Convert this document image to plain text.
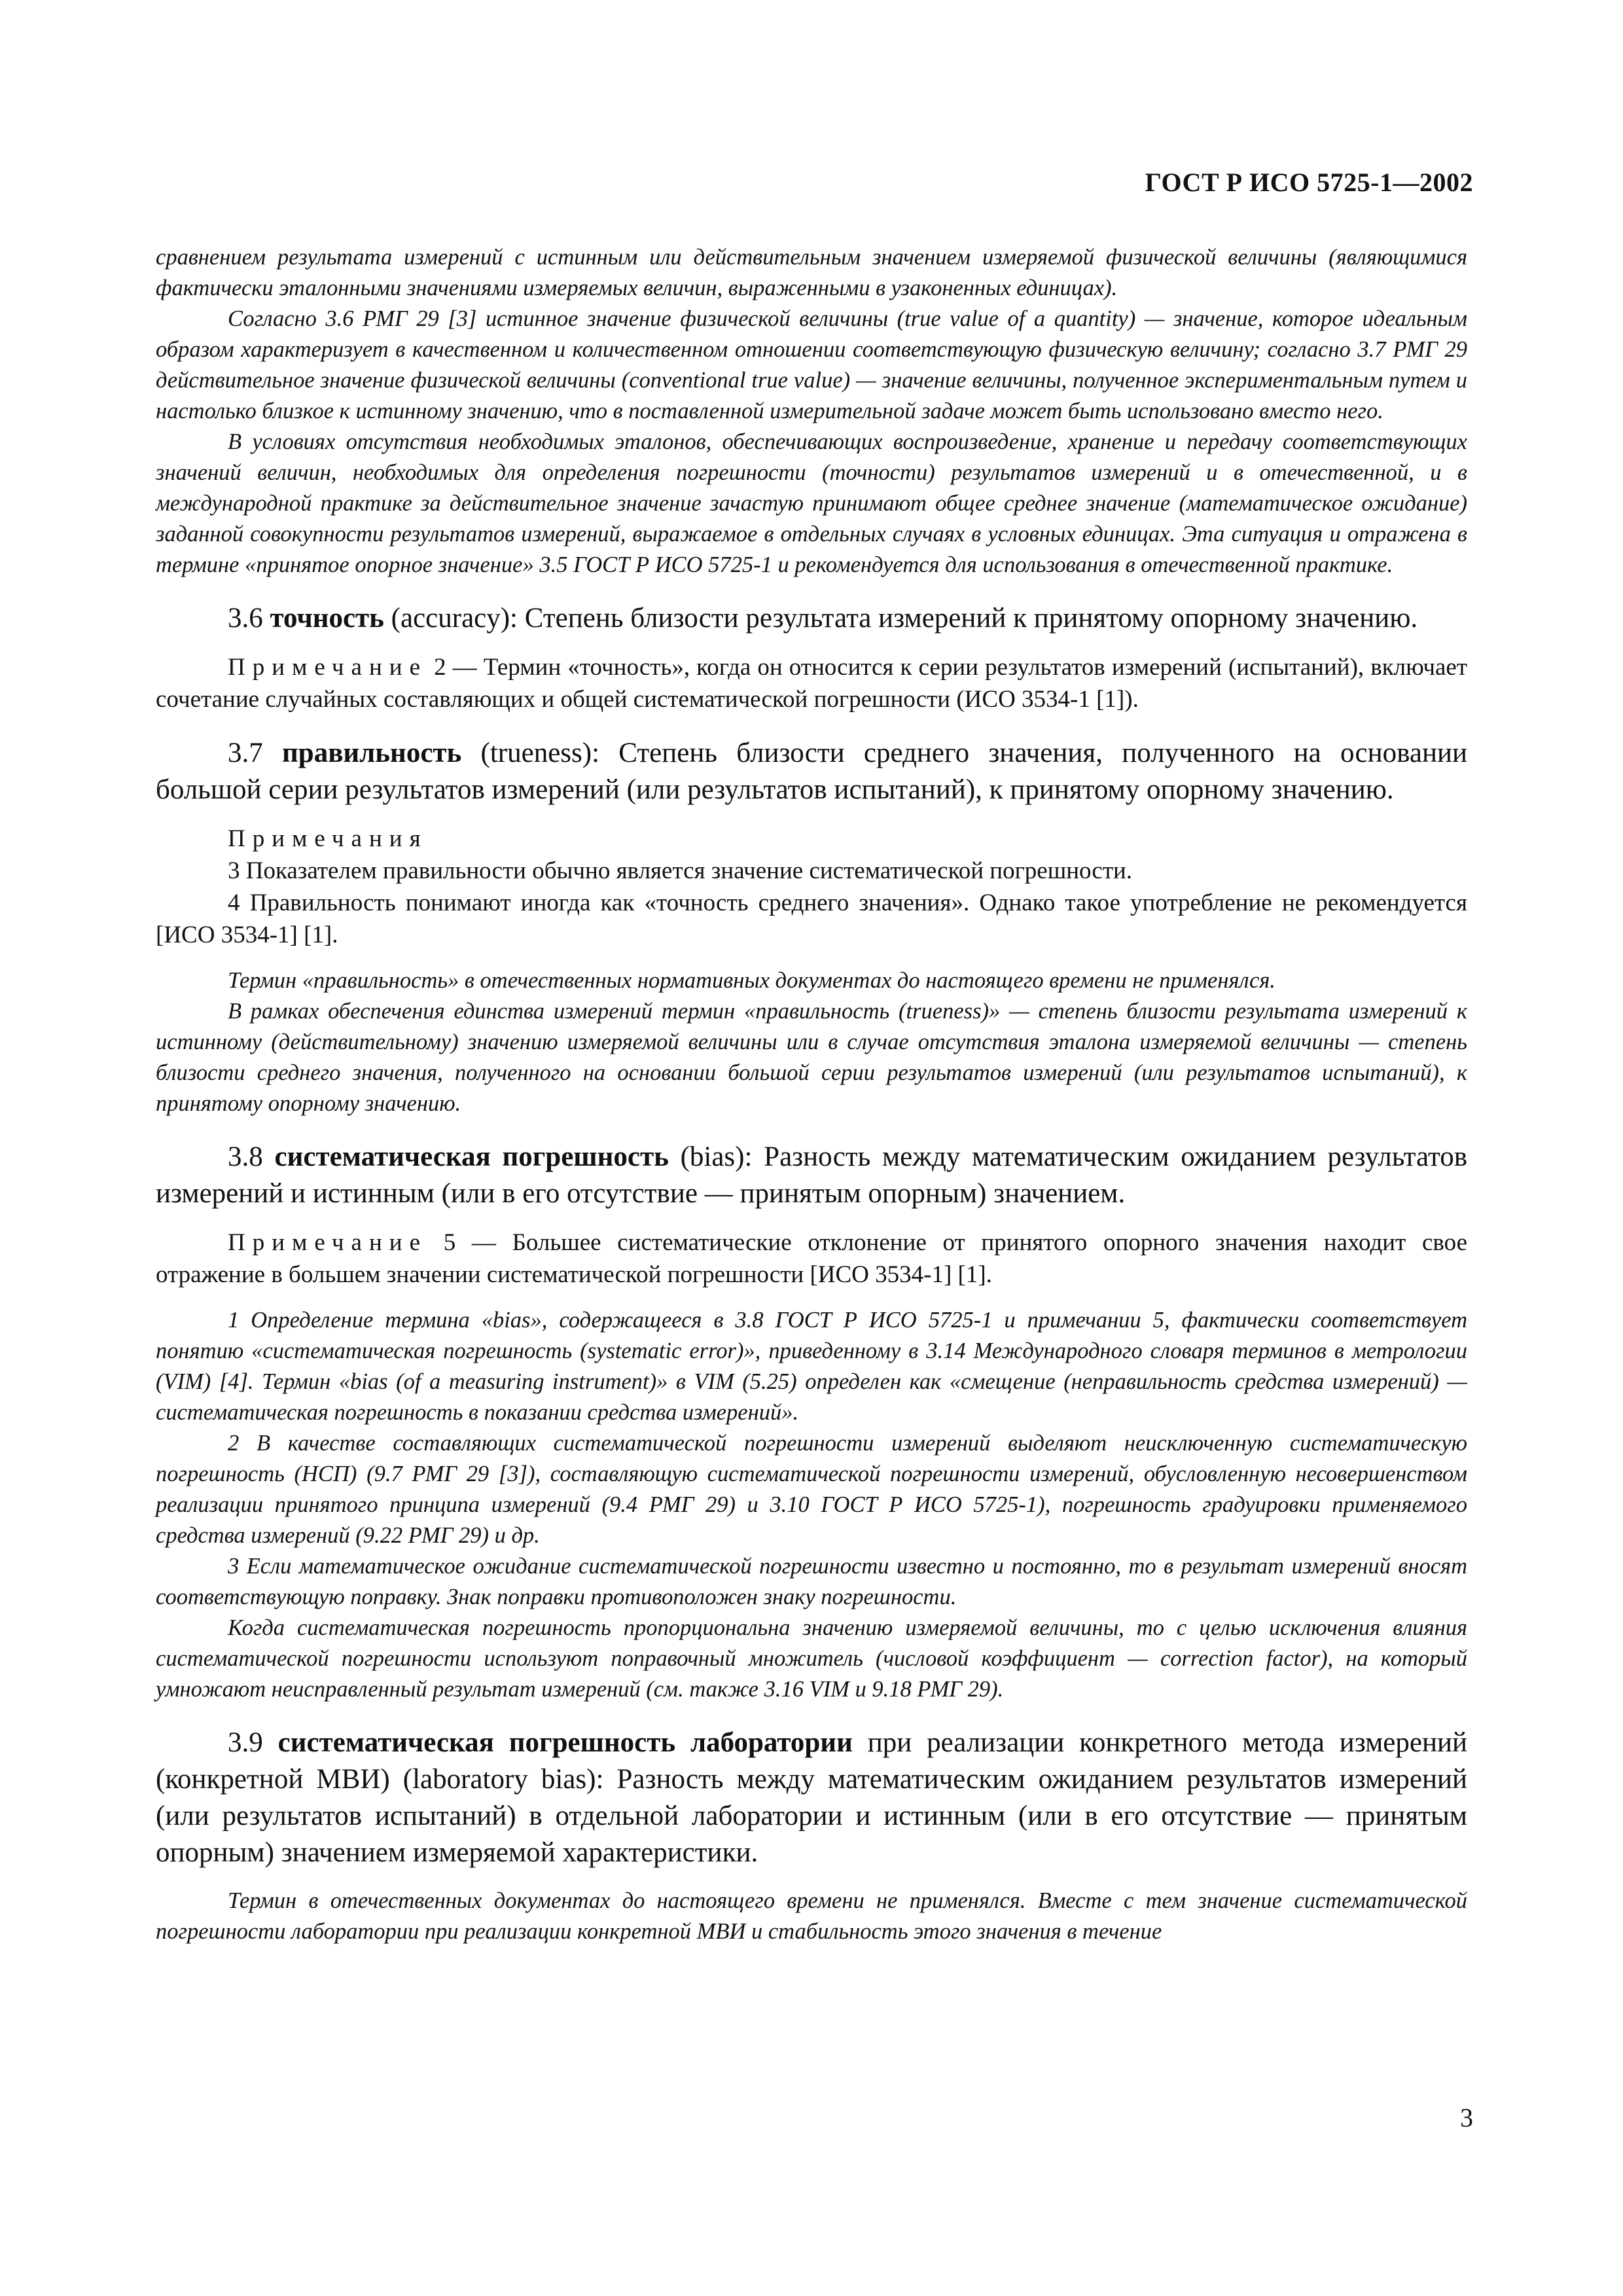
ГОСТ Р ИСО 5725-1—2002

сравнением результата измерений с истинным или действительным значением измеряемой физической величины (являющимися фактически эталонными значениями измеряемых величин, выраженными в узаконенных единицах).

Согласно 3.6 РМГ 29 [3] истинное значение физической величины (true value of a quantity) — значение, которое идеальным образом характеризует в качественном и количественном отношении соответствующую физическую величину; согласно 3.7 РМГ 29 действительное значение физической величины (conventional true value) — значение величины, полученное экспериментальным путем и настолько близкое к истинному значению, что в поставленной измерительной задаче может быть использовано вместо него.

В условиях отсутствия необходимых эталонов, обеспечивающих воспроизведение, хранение и передачу соответствующих значений величин, необходимых для определения погрешности (точности) результатов измерений и в отечественной, и в международной практике за действительное значение зачастую принимают общее среднее значение (математическое ожидание) заданной совокупности результатов измерений, выражаемое в отдельных случаях в условных единицах. Эта ситуация и отражена в термине «принятое опорное значение» 3.5 ГОСТ Р ИСО 5725-1 и рекомендуется для использования в отечественной практике.

3.6 точность (accuracy): Степень близости результата измерений к принятому опорному значению.

Примечание 2 — Термин «точность», когда он относится к серии результатов измерений (испытаний), включает сочетание случайных составляющих и общей систематической погрешности (ИСО 3534-1 [1]).

3.7 правильность (trueness): Степень близости среднего значения, полученного на основании большой серии результатов измерений (или результатов испытаний), к принятому опорному значению.

Примечания

3 Показателем правильности обычно является значение систематической погрешности.

4 Правильность понимают иногда как «точность среднего значения». Однако такое употребление не рекомендуется [ИСО 3534-1] [1].

Термин «правильность» в отечественных нормативных документах до настоящего времени не применялся.

В рамках обеспечения единства измерений термин «правильность (trueness)» — степень близости результата измерений к истинному (действительному) значению измеряемой величины или в случае отсутствия эталона измеряемой величины — степень близости среднего значения, полученного на основании большой серии результатов измерений (или результатов испытаний), к принятому опорному значению.

3.8 систематическая погрешность (bias): Разность между математическим ожиданием результатов измерений и истинным (или в его отсутствие — принятым опорным) значением.

Примечание 5 — Большее систематические отклонение от принятого опорного значения находит свое отражение в большем значении систематической погрешности [ИСО 3534-1] [1].

1 Определение термина «bias», содержащееся в 3.8 ГОСТ Р ИСО 5725-1 и примечании 5, фактически соответствует понятию «систематическая погрешность (systematic error)», приведенному в 3.14 Международного словаря терминов в метрологии (VIM) [4]. Термин «bias (of a measuring instrument)» в VIM (5.25) определен как «смещение (неправильность средства измерений) — систематическая погрешность в показании средства измерений».

2 В качестве составляющих систематической погрешности измерений выделяют неисключенную систематическую погрешность (НСП) (9.7 РМГ 29 [3]), составляющую систематической погрешности измерений, обусловленную несовершенством реализации принятого принципа измерений (9.4 РМГ 29) и 3.10 ГОСТ Р ИСО 5725-1), погрешность градуировки применяемого средства измерений (9.22 РМГ 29) и др.

3 Если математическое ожидание систематической погрешности известно и постоянно, то в результат измерений вносят соответствующую поправку. Знак поправки противоположен знаку погрешности.

Когда систематическая погрешность пропорциональна значению измеряемой величины, то с целью исключения влияния систематической погрешности используют поправочный множитель (числовой коэффициент — correction factor), на который умножают неисправленный результат измерений (см. также 3.16 VIM и 9.18 РМГ 29).

3.9 систематическая погрешность лаборатории при реализации конкретного метода измерений (конкретной МВИ) (laboratory bias): Разность между математическим ожиданием результатов измерений (или результатов испытаний) в отдельной лаборатории и истинным (или в его отсутствие — принятым опорным) значением измеряемой характеристики.

Термин в отечественных документах до настоящего времени не применялся. Вместе с тем значение систематической погрешности лаборатории при реализации конкретной МВИ и стабильность этого значения в течение

3
